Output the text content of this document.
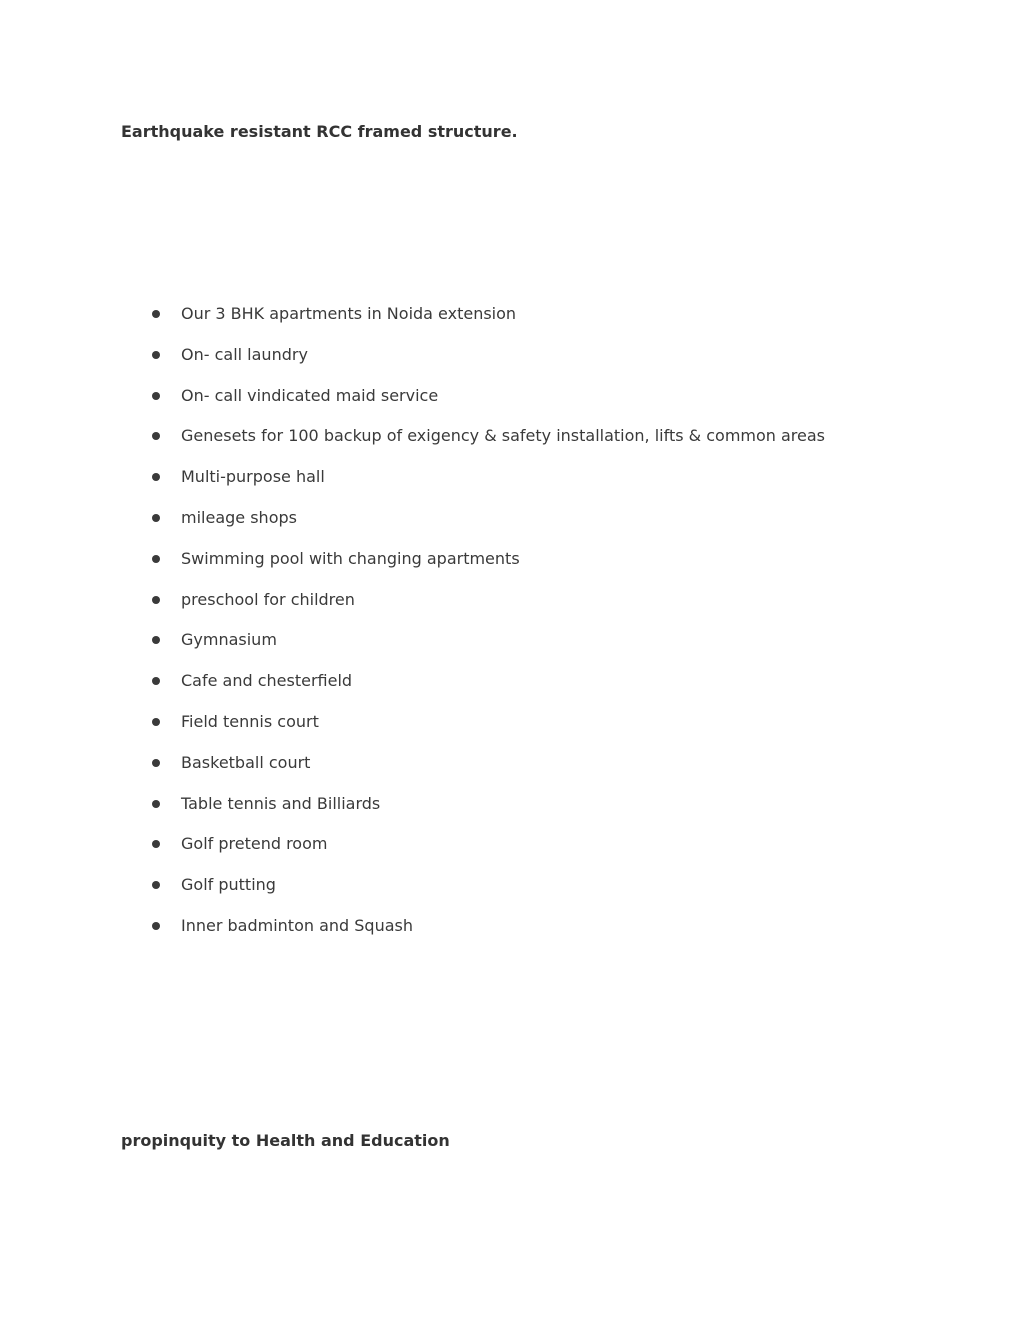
Earthquake resistant RCC framed structure.
Our 3 BHK apartments in Noida extension
On- call laundry
On- call vindicated maid service
Genesets for 100 backup of exigency & safety installation, lifts & common areas
Multi-purpose hall
mileage shops
Swimming pool with changing apartments
preschool for children
Gymnasium
Cafe and chesterfield
Field tennis court
Basketball court
Table tennis and Billiards
Golf pretend room
Golf putting
Inner badminton and Squash
propinquity to Health and Education
